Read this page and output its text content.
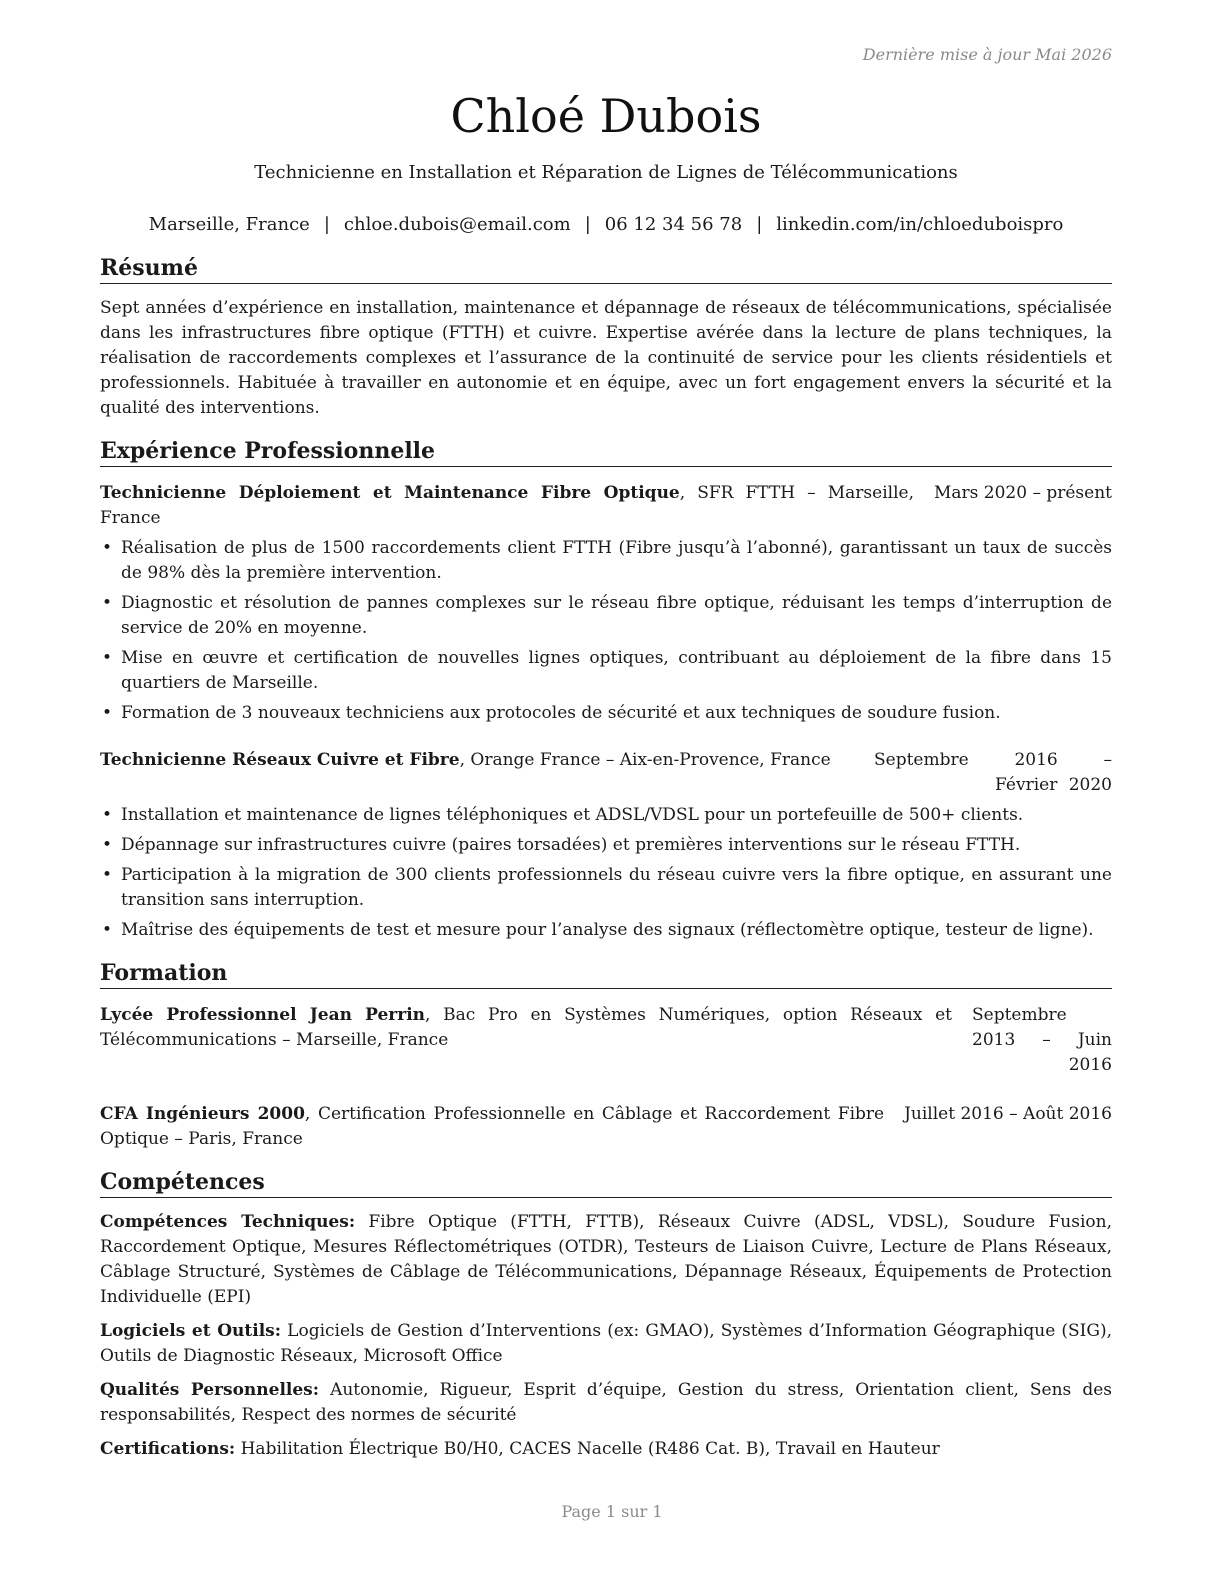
Dernière mise à jour Mai 2026
Chloé Dubois
Technicienne en Installation et Réparation de Lignes de Télécommunications
Marseille, France | chloe.dubois@email.com | 06 12 34 56 78 | linkedin.com/in/chloeduboispro
Résumé
Sept années d’expérience en installation, maintenance et dépannage de réseaux de télécommunications, spécialisée dans les infrastructures fibre optique (FTTH) et cuivre. Expertise avérée dans la lecture de plans techniques, la réalisation de raccordements complexes et l’assurance de la continuité de service pour les clients résidentiels et professionnels. Habituée à travailler en autonomie et en équipe, avec un fort engagement envers la sécurité et la qualité des interventions.
Expérience Professionnelle
Technicienne Déploiement et Maintenance Fibre Optique, SFR FTTH – Marseille, France
Mars 2020 – présent
• Réalisation de plus de 1500 raccordements client FTTH (Fibre jusqu’à l’abonné), garantissant un taux de succès de 98% dès la première intervention.
• Diagnostic et résolution de pannes complexes sur le réseau fibre optique, réduisant les temps d’interruption de service de 20% en moyenne.
• Mise en œuvre et certification de nouvelles lignes optiques, contribuant au déploiement de la fibre dans 15 quartiers de Marseille.
• Formation de 3 nouveaux techniciens aux protocoles de sécurité et aux techniques de soudure fusion.
Technicienne Réseaux Cuivre et Fibre, Orange France – Aix-en-Provence, France	Septembre 2016 – Février 2020
• Installation et maintenance de lignes téléphoniques et ADSL/VDSL pour un portefeuille de 500+ clients.
• Dépannage sur infrastructures cuivre (paires torsadées) et premières interventions sur le réseau FTTH.
• Participation à la migration de 300 clients professionnels du réseau cuivre vers la fibre optique, en assurant une transition sans interruption.
• Maîtrise des équipements de test et mesure pour l’analyse des signaux (réflectomètre optique, testeur de ligne).
Formation
Lycée Professionnel Jean Perrin, Bac Pro en Systèmes Numériques, option Réseaux et Télécommunications – Marseille, France
Septembre 2013 – Juin 2016
CFA Ingénieurs 2000, Certification Professionnelle en Câblage et Raccordement Fibre Optique – Paris, France
Juillet 2016 – Août 2016
Compétences
Compétences Techniques: Fibre Optique (FTTH, FTTB), Réseaux Cuivre (ADSL, VDSL), Soudure Fusion, Raccordement Optique, Mesures Réflectométriques (OTDR), Testeurs de Liaison Cuivre, Lecture de Plans Réseaux, Câblage Structuré, Systèmes de Câblage de Télécommunications, Dépannage Réseaux, Équipements de Protection Individuelle (EPI)
Logiciels et Outils: Logiciels de Gestion d’Interventions (ex: GMAO), Systèmes d’Information Géographique (SIG), Outils de Diagnostic Réseaux, Microsoft Office
Qualités Personnelles: Autonomie, Rigueur, Esprit d’équipe, Gestion du stress, Orientation client, Sens des responsabilités, Respect des normes de sécurité
Certifications: Habilitation Électrique B0/H0, CACES Nacelle (R486 Cat. B), Travail en Hauteur
Page 1 sur 1
